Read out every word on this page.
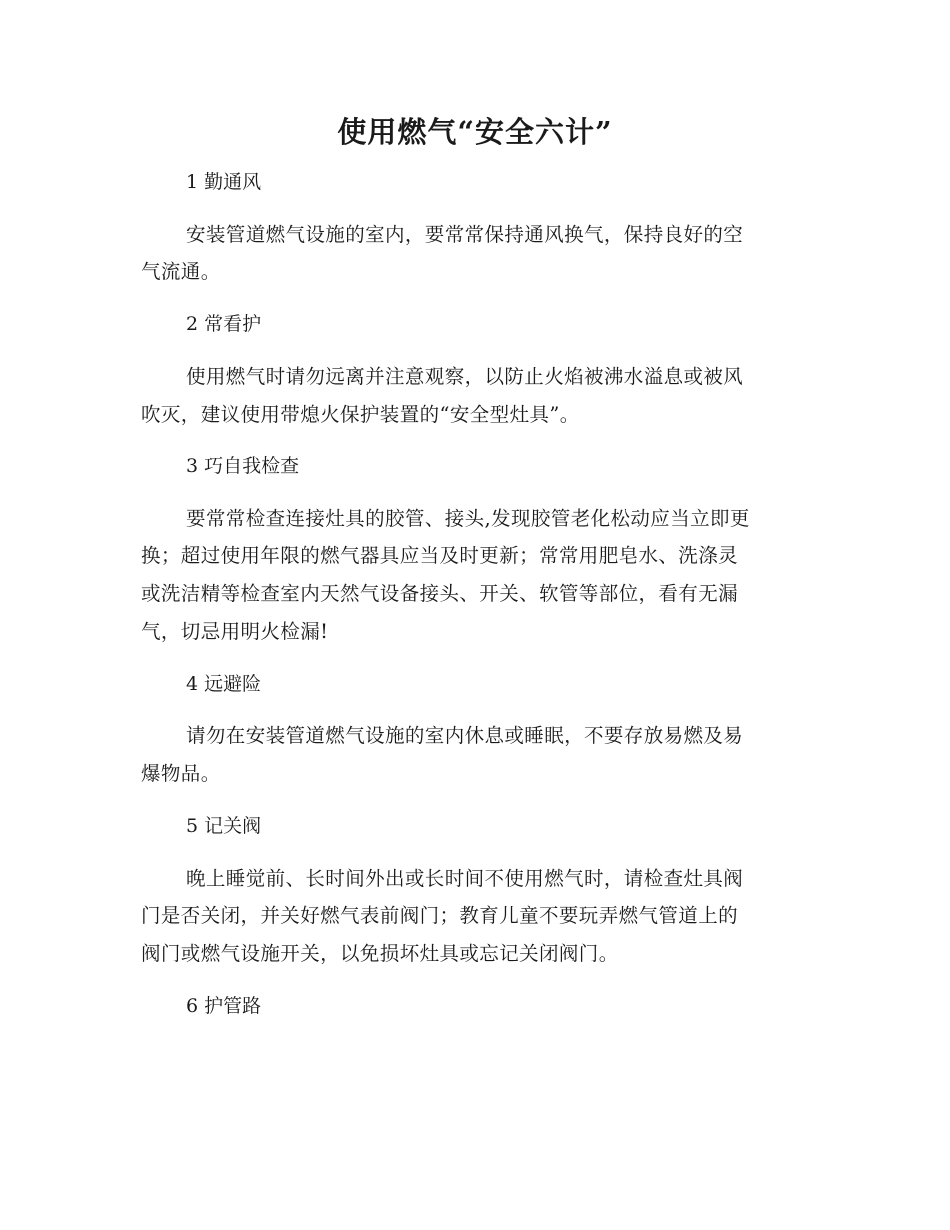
使用燃气“安全六计”

1 勤通风

安装管道燃气设施的室内，要常常保持通风换气，保持良好的空

气流通。

2 常看护

使用燃气时请勿远离并注意观察，以防止火焰被沸水溢息或被风

吹灭，建议使用带熄火保护装置的“安全型灶具”。

3 巧自我检查

要常常检查连接灶具的胶管、接头,发现胶管老化松动应当立即更

换；超过使用年限的燃气器具应当及时更新；常常用肥皂水、洗涤灵

或洗洁精等检查室内天然气设备接头、开关、软管等部位，看有无漏

气，切忌用明火检漏!

4 远避险

请勿在安装管道燃气设施的室内休息或睡眠，不要存放易燃及易

爆物品。

5 记关阀

晚上睡觉前、长时间外出或长时间不使用燃气时，请检查灶具阀

门是否关闭，并关好燃气表前阀门；教育儿童不要玩弄燃气管道上的

阀门或燃气设施开关，以免损坏灶具或忘记关闭阀门。

6 护管路
